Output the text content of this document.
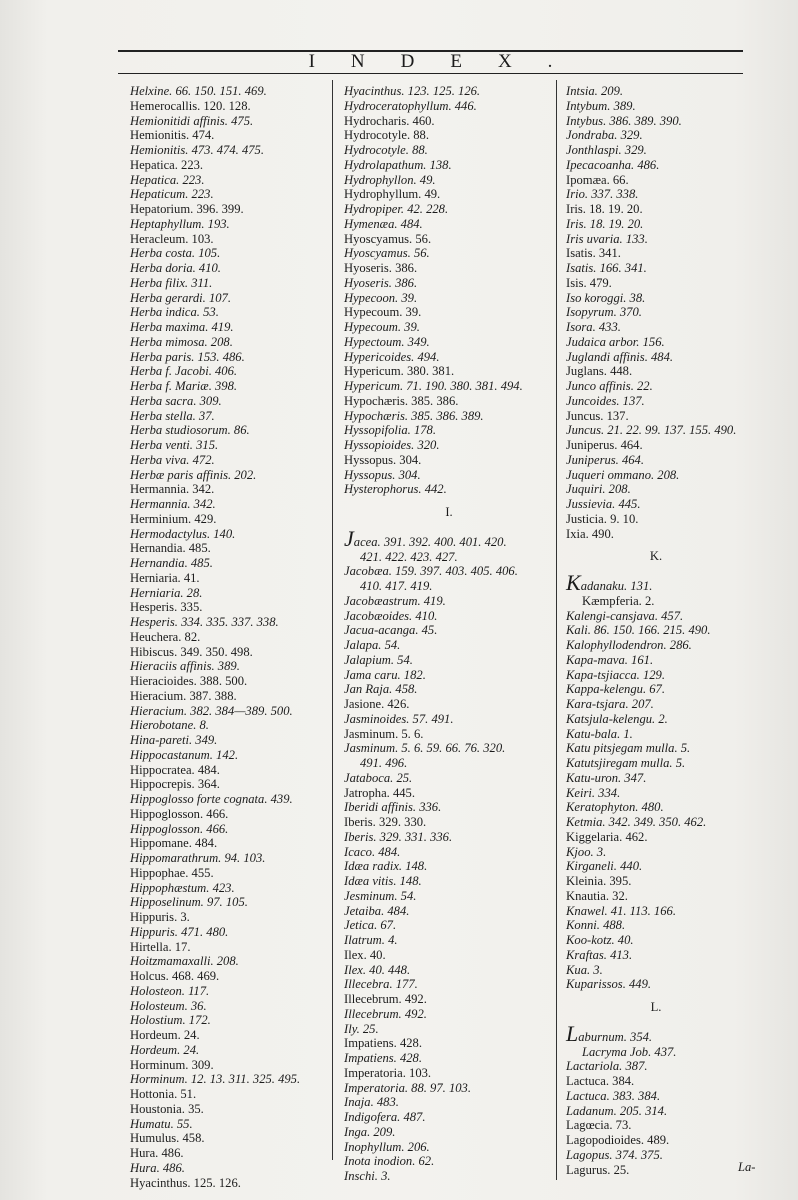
INDEX.
Helxine. 66. 150. 151. 469.
Hemerocallis. 120. 128.
Hemionitidi affinis. 475.
Hemionitis. 474.
Hemionitis. 473. 474. 475.
Hepatica. 223.
Hepatica. 223.
Hepaticum. 223.
Hepatorium. 396. 399.
Heptaphyllum. 193.
Heracleum. 103.
Herba costa. 105.
Herba doria. 410.
Herba filix. 311.
Herba gerardi. 107.
Herba indica. 53.
Herba maxima. 419.
Herba mimosa. 208.
Herba paris. 153. 486.
Herba f. Jacobi. 406.
Herba f. Mariæ. 398.
Herba sacra. 309.
Herba stella. 37.
Herba studiosorum. 86.
Herba venti. 315.
Herba viva. 472.
Herbæ paris affinis. 202.
Hermannia. 342.
Hermannia. 342.
Herminium. 429.
Hermodactylus. 140.
Hernandia. 485.
Hernandia. 485.
Herniaria. 41.
Herniaria. 28.
Hesperis. 335.
Hesperis. 334. 335. 337. 338.
Heuchera. 82.
Hibiscus. 349. 350. 498.
Hieraciis affinis. 389.
Hieracioides. 388. 500.
Hieracium. 387. 388.
Hieracium. 382. 384—389. 500.
Hierobotane. 8.
Hina-pareti. 349.
Hippocastanum. 142.
Hippocratea. 484.
Hippocrepis. 364.
Hippoglosso forte cognata. 439.
Hippoglosson. 466.
Hippoglosson. 466.
Hippomane. 484.
Hippomarathrum. 94. 103.
Hippophae. 455.
Hippophæstum. 423.
Hipposelinum. 97. 105.
Hippuris. 3.
Hippuris. 471. 480.
Hirtella. 17.
Hoitzmamaxalli. 208.
Holcus. 468. 469.
Holosteon. 117.
Holosteum. 36.
Holostium. 172.
Hordeum. 24.
Hordeum. 24.
Horminum. 309.
Horminum. 12. 13. 311. 325. 495.
Hottonia. 51.
Houstonia. 35.
Humatu. 55.
Humulus. 458.
Hura. 486.
Hura. 486.
Hyacinthus. 125. 126.
Hyacinthus. 123. 125. 126.
Hydroceratophyllum. 446.
Hydrocharis. 460.
Hydrocotyle. 88.
Hydrocotyle. 88.
Hydrolapathum. 138.
Hydrophyllon. 49.
Hydrophyllum. 49.
Hydropiper. 42. 228.
Hymenæa. 484.
Hyoscyamus. 56.
Hyoscyamus. 56.
Hyoseris. 386.
Hyoseris. 386.
Hypecoon. 39.
Hypecoum. 39.
Hypecoum. 39.
Hypectoum. 349.
Hypericoides. 494.
Hypericum. 380. 381.
Hypericum. 71. 190. 380. 381. 494.
Hypochæris. 385. 386.
Hypochæris. 385. 386. 389.
Hyssopifolia. 178.
Hyssopioides. 320.
Hyssopus. 304.
Hyssopus. 304.
Hysterophorus. 442.
I.
Jacea. 391. 392. 400. 401. 420.
421. 422. 423. 427.
Jacobæa. 159. 397. 403. 405. 406.
410. 417. 419.
Jacobæastrum. 419.
Jacobæoides. 410.
Jacua-acanga. 45.
Jalapa. 54.
Jalapium. 54.
Jama caru. 182.
Jan Raja. 458.
Jasione. 426.
Jasminoides. 57. 491.
Jasminum. 5. 6.
Jasminum. 5. 6. 59. 66. 76. 320.
491. 496.
Jataboca. 25.
Jatropha. 445.
Iberidi affinis. 336.
Iberis. 329. 330.
Iberis. 329. 331. 336.
Icaco. 484.
Idæa radix. 148.
Idæa vitis. 148.
Jesminum. 54.
Jetaiba. 484.
Jetica. 67.
Ilatrum. 4.
Ilex. 40.
Ilex. 40. 448.
Illecebra. 177.
Illecebrum. 492.
Illecebrum. 492.
Ily. 25.
Impatiens. 428.
Impatiens. 428.
Imperatoria. 103.
Imperatoria. 88. 97. 103.
Inaja. 483.
Indigofera. 487.
Inga. 209.
Inophyllum. 206.
Inota inodion. 62.
Inschi. 3.
Intsia. 209.
Intybum. 389.
Intybus. 386. 389. 390.
Jondraba. 329.
Jonthlaspi. 329.
Ipecacoanha. 486.
Ipomæa. 66.
Irio. 337. 338.
Iris. 18. 19. 20.
Iris. 18. 19. 20.
Iris uvaria. 133.
Isatis. 341.
Isatis. 166. 341.
Isis. 479.
Iso koroggi. 38.
Isopyrum. 370.
Isora. 433.
Judaica arbor. 156.
Juglandi affinis. 484.
Juglans. 448.
Junco affinis. 22.
Juncoides. 137.
Juncus. 137.
Juncus. 21. 22. 99. 137. 155. 490.
Juniperus. 464.
Juniperus. 464.
Juqueri ommano. 208.
Juquiri. 208.
Jussievia. 445.
Justicia. 9. 10.
Ixia. 490.
K.
Kadanaku. 131.
Kæmpferia. 2.
Kalengi-cansjava. 457.
Kali. 86. 150. 166. 215. 490.
Kalophyllodendron. 286.
Kapa-mava. 161.
Kapa-tsjiacca. 129.
Kappa-kelengu. 67.
Kara-tsjara. 207.
Katsjula-kelengu. 2.
Katu-bala. 1.
Katu pitsjegam mulla. 5.
Katutsjiregam mulla. 5.
Katu-uron. 347.
Keiri. 334.
Keratophyton. 480.
Ketmia. 342. 349. 350. 462.
Kiggelaria. 462.
Kjoo. 3.
Kirganeli. 440.
Kleinia. 395.
Knautia. 32.
Knawel. 41. 113. 166.
Konni. 488.
Koo-kotz. 40.
Kraftas. 413.
Kua. 3.
Kuparissos. 449.
L.
Laburnum. 354.
Lacryma Job. 437.
Lactariola. 387.
Lactuca. 384.
Lactuca. 383. 384.
Ladanum. 205. 314.
Lagœcia. 73.
Lagopodioides. 489.
Lagopus. 374. 375.
Lagurus. 25.	La-
